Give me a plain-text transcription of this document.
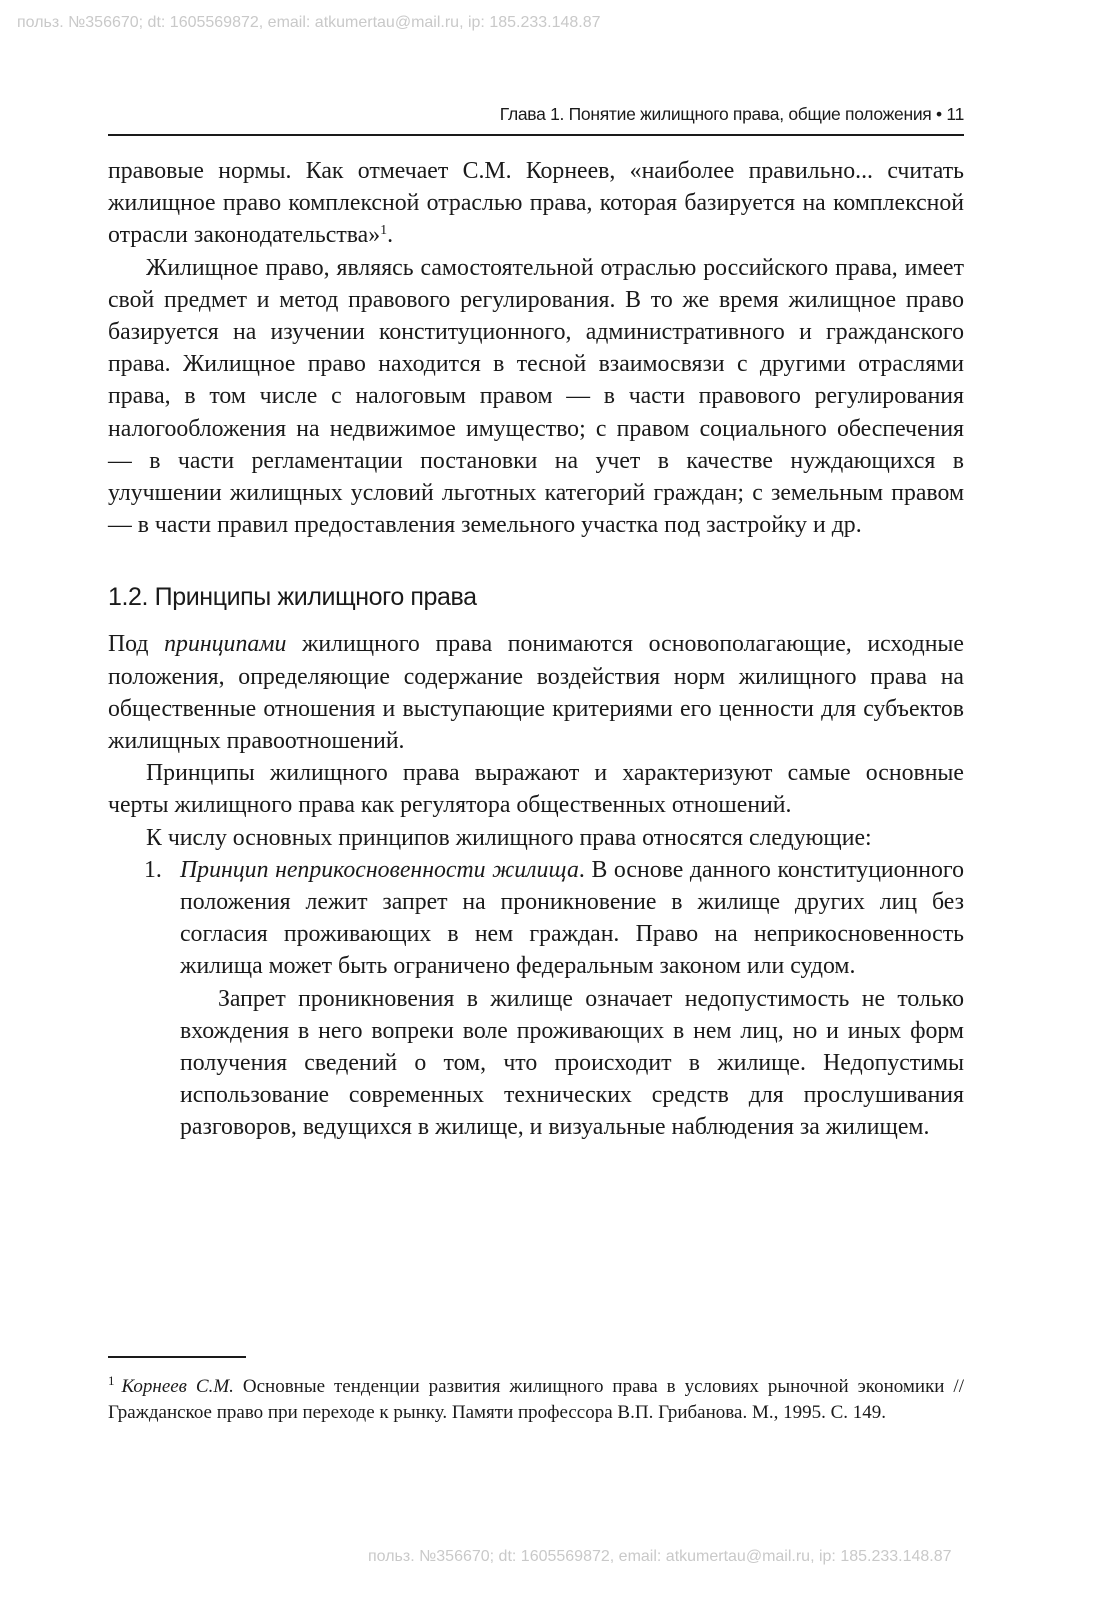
польз. №356670; dt: 1605569872, email: atkumertau@mail.ru, ip: 185.233.148.87
Глава 1. Понятие жилищного права, общие положения • 11

правовые нормы. Как отмечает С.М. Корнеев, «наиболее правильно... считать жилищное право комплексной отраслью права, которая базируется на комплексной отрасли законодательства»$^1$.

Жилищное право, являясь самостоятельной отраслью российского права, имеет свой предмет и метод правового регулирования. В то же время жилищное право базируется на изучении конституционного, административного и гражданского права. Жилищное право находится в тесной взаимосвязи с другими отраслями права, в том числе с налоговым правом — в части правового регулирования налогообложения на недвижимое имущество; с правом социального обеспечения — в части регламентации постановки на учет в качестве нуждающихся в улучшении жилищных условий льготных категорий граждан; с земельным правом — в части правил предоставления земельного участка под застройку и др.

1.2. Принципы жилищного права

Под принципами жилищного права понимаются основополагающие, исходные положения, определяющие содержание воздействия норм жилищного права на общественные отношения и выступающие критериями его ценности для субъектов жилищных правоотношений.

Принципы жилищного права выражают и характеризуют самые основные черты жилищного права как регулятора общественных отношений.

К числу основных принципов жилищного права относятся следующие:

1. Принцип неприкосновенности жилища. В основе данного конституционного положения лежит запрет на проникновение в жилище других лиц без согласия проживающих в нем граждан. Право на неприкосновенность жилища может быть ограничено федеральным законом или судом.

Запрет проникновения в жилище означает недопустимость не только вхождения в него вопреки воле проживающих в нем лиц, но и иных форм получения сведений о том, что происходит в жилище. Недопустимы использование современных технических средств для прослушивания разговоров, ведущихся в жилище, и визуальные наблюдения за жилищем.

$^1$ Корнеев С.М. Основные тенденции развития жилищного права в условиях рыночной экономики // Гражданское право при переходе к рынку. Памяти профессора В.П. Грибанова. М., 1995. С. 149.
польз. №356670; dt: 1605569872, email: atkumertau@mail.ru, ip: 185.233.148.87
